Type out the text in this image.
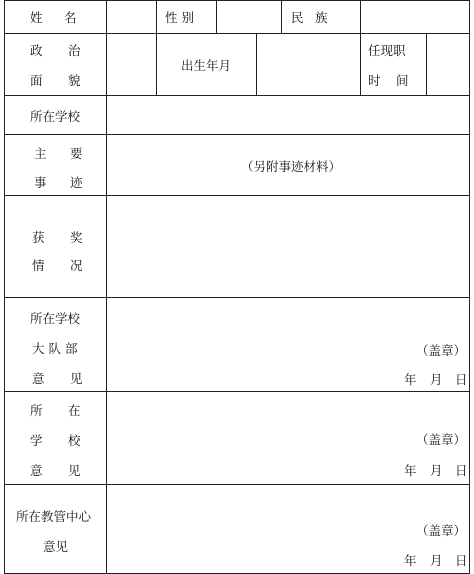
姓 名	性 别	民 族
政 治
面 貌
出生年月
任现职
时 间
所在学校
主 要
事 迹
（另附事迹材料）
获 奖
情 况
所在学校
大 队 部
意 见
（盖章）
年 月 日
所 在
学 校
意 见
（盖章）
年 月 日
所在教管中心
意见
（盖章）
年 月 日
